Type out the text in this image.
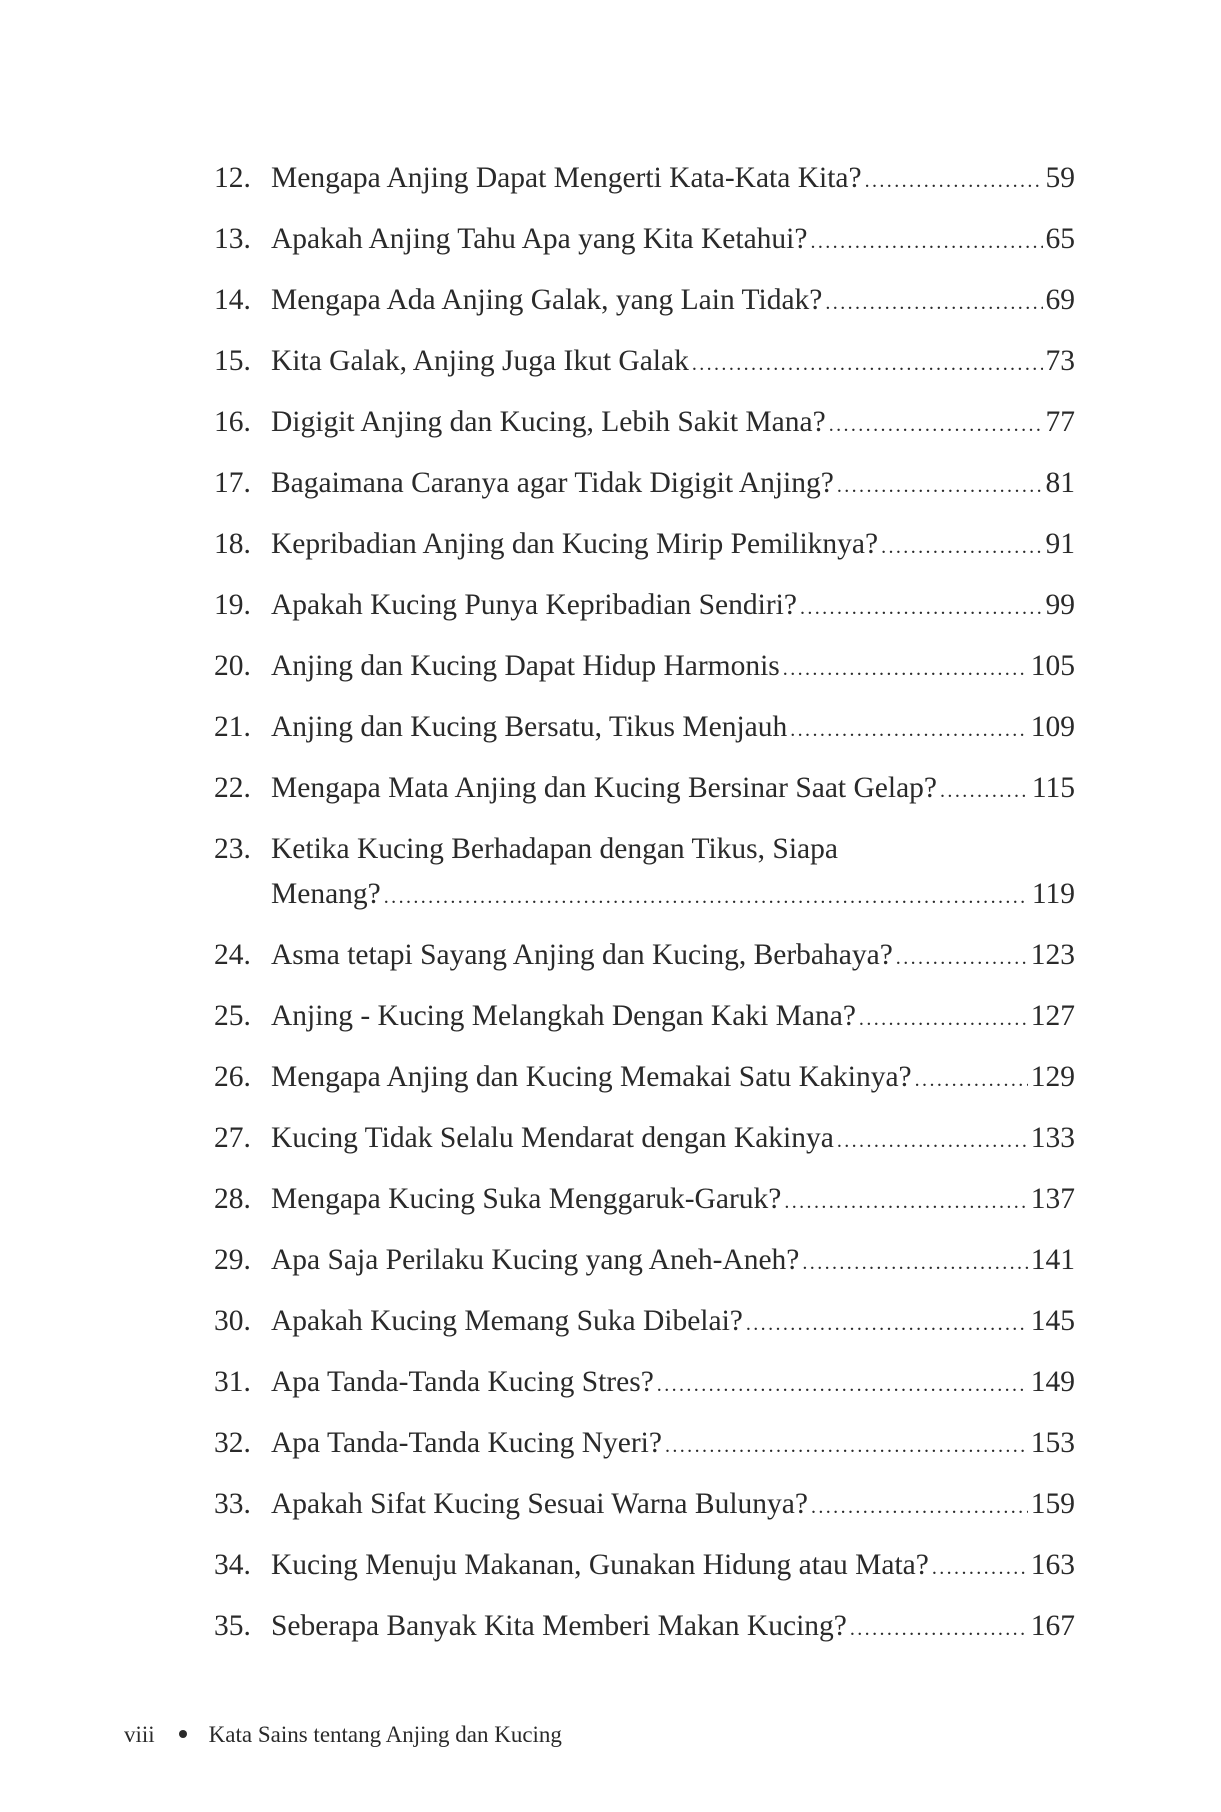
12. Mengapa Anjing Dapat Mengerti Kata-Kata Kita? .....	59
13. Apakah Anjing Tahu Apa yang Kita Ketahui? .....	65
14. Mengapa Ada Anjing Galak, yang Lain Tidak? .....	69
15. Kita Galak, Anjing Juga Ikut Galak .....	73
16. Digigit Anjing dan Kucing, Lebih Sakit Mana? .....	77
17. Bagaimana Caranya agar Tidak Digigit Anjing? .....	81
18. Kepribadian Anjing dan Kucing Mirip Pemiliknya? .....	91
19. Apakah Kucing Punya Kepribadian Sendiri? .....	99
20. Anjing dan Kucing Dapat Hidup Harmonis .....	105
21. Anjing dan Kucing Bersatu, Tikus Menjauh .....	109
22. Mengapa Mata Anjing dan Kucing Bersinar Saat Gelap? .....	115
23. Ketika Kucing Berhadapan dengan Tikus, Siapa
Menang? .....	119
24. Asma tetapi Sayang Anjing dan Kucing, Berbahaya? .....	123
25. Anjing - Kucing Melangkah Dengan Kaki Mana? .....	127
26. Mengapa Anjing dan Kucing Memakai Satu Kakinya? .....	129
27. Kucing Tidak Selalu Mendarat dengan Kakinya .....	133
28. Mengapa Kucing Suka Menggaruk-Garuk? .....	137
29. Apa Saja Perilaku Kucing yang Aneh-Aneh? .....	141
30. Apakah Kucing Memang Suka Dibelai? .....	145
31. Apa Tanda-Tanda Kucing Stres? .....	149
32. Apa Tanda-Tanda Kucing Nyeri? .....	153
33. Apakah Sifat Kucing Sesuai Warna Bulunya? .....	159
34. Kucing Menuju Makanan, Gunakan Hidung atau Mata? .....	163
35. Seberapa Banyak Kita Memberi Makan Kucing? .....	167
viii Kata Sains tentang Anjing dan Kucing
